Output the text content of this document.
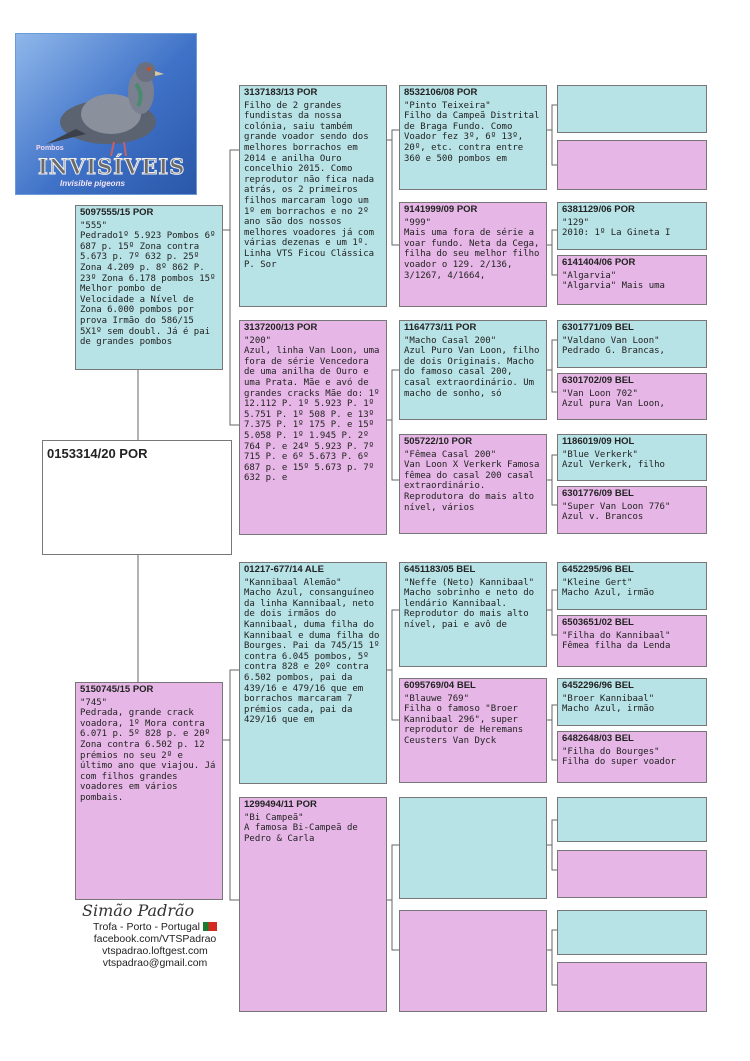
Pombos
INVISÍVEIS
Invisible pigeons
0153314/20 POR
5097555/15 POR
"555"
Pedrado1º 5.923 Pombos 6º 687 p. 15º Zona contra 5.673 p. 7º 632 p. 25º Zona 4.209 p. 8º 862 P. 23º Zona 6.178 pombos 15º Melhor pombo de Velocidade a Nível de Zona 6.000 pombos por prova Irmão do 586/15 5X1º sem doubl. Já é pai de grandes pombos
5150745/15 POR
"745"
Pedrada, grande crack voadora, 1º Mora contra 6.071 p. 5º 828 p. e 20º Zona contra 6.502 p. 12 prémios no seu 2º e último ano que viajou. Já com filhos grandes voadores em vários pombais.
3137183/13 POR
Filho de 2 grandes fundistas da nossa colónia, saiu também grande voador sendo dos melhores borrachos em 2014 e anilha Ouro concelhio 2015. Como reprodutor não fica nada atrás, os 2 primeiros filhos marcaram logo um 1º em borrachos e no 2º ano são dos nossos melhores voadores já com várias dezenas e um 1º. Linha VTS Ficou Clássica P. Sor
3137200/13 POR
"200"
Azul, linha Van Loon, uma fora de série Vencedora de uma anilha de Ouro e uma Prata. Mãe e avó de grandes cracks Mãe do: 1º 12.112 P. 1º 5.923 P. 1º 5.751 P. 1º 508 P. e 13º 7.375 P. 1º 175 P. e 15º 5.058 P. 1º 1.945 P. 2º 764 P. e 24º 5.923 P. 7º 715 P. e 6º 5.673 P. 6º 687 p. e 15º 5.673 p. 7º 632 p. e
01217-677/14 ALE
"Kannibaal Alemão"
Macho Azul, consanguíneo da linha Kannibaal, neto de dois irmãos do Kannibaal, duma filha do Kannibaal e duma filha do Bourges. Pai da 745/15 1º contra 6.045 pombos, 5º contra 828 e 20º contra 6.502 pombos, pai da 439/16 e 479/16 que em borrachos marcaram 7 prémios cada, pai da 429/16 que em
1299494/11 POR
"Bi Campeã"
A famosa Bi-Campeã de Pedro & Carla
8532106/08 POR
"Pinto Teixeira"
Filho da Campeã Distrital de Braga Fundo. Como Voador fez 3º, 6º 13º, 20º, etc. contra entre 360 e 500 pombos em
9141999/09 POR
"999"
Mais uma fora de série a voar fundo. Neta da Cega, filha do seu melhor filho voador o 129. 2/136, 3/1267, 4/1664,
1164773/11 POR
"Macho Casal 200"
Azul Puro Van Loon, filho de dois Originais. Macho do famoso casal 200, casal extraordinário. Um macho de sonho, só
505722/10 POR
"Fêmea Casal 200"
Van Loon X Verkerk Famosa fêmea do casal 200 casal extraordinário. Reprodutora do mais alto nível, vários
6451183/05 BEL
"Neffe (Neto) Kannibaal"
Macho sobrinho e neto do lendário Kannibaal. Reprodutor do mais alto nível, pai e avô de
6095769/04 BEL
"Blauwe 769"
Filha o famoso "Broer Kannibaal 296", super reprodutor de Heremans Ceusters Van Dyck
6381129/06 POR
"129"
2010: 1º La Gineta I
6141404/06 POR
"Algarvia"
"Algarvia" Mais uma
6301771/09 BEL
"Valdano Van Loon"
Pedrado G. Brancas,
6301702/09 BEL
"Van Loon 702"
Azul pura Van Loon,
1186019/09 HOL
"Blue Verkerk"
Azul Verkerk, filho
6301776/09 BEL
"Super Van Loon 776"
Azul v. Brancos
6452295/96 BEL
"Kleine Gert"
Macho Azul, irmão
6503651/02 BEL
"Filha do Kannibaal"
Fêmea filha da Lenda
6452296/96 BEL
"Broer Kannibaal"
Macho Azul, irmão
6482648/03 BEL
"Filha do Bourges"
Filha do super voador
Simão Padrão
Trofa - Porto - Portugal
facebook.com/VTSPadrao
vtspadrao.loftgest.com
vtspadrao@gmail.com
